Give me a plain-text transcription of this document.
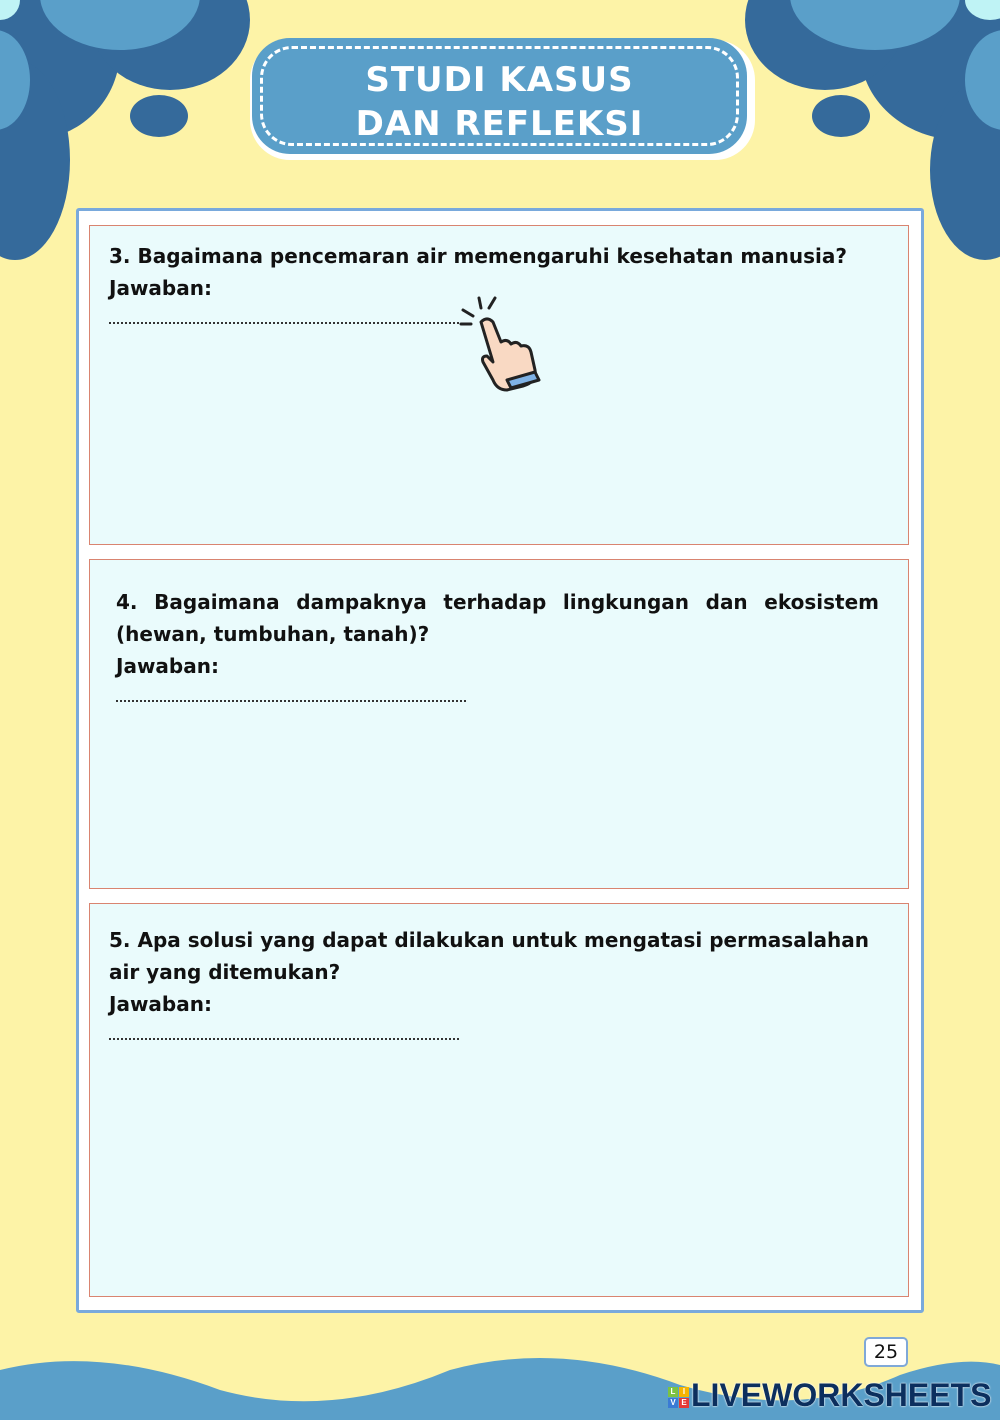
STUDI KASUS
DAN REFLEKSI
3. Bagaimana pencemaran air memengaruhi kesehatan manusia?
Jawaban:
4. Bagaimana dampaknya terhadap lingkungan dan ekosistem (hewan, tumbuhan, tanah)?
Jawaban:
5. Apa solusi yang dapat dilakukan untuk mengatasi permasalahan air yang ditemukan?
Jawaban:
25
L I
V E LIVEWORKSHEETS
